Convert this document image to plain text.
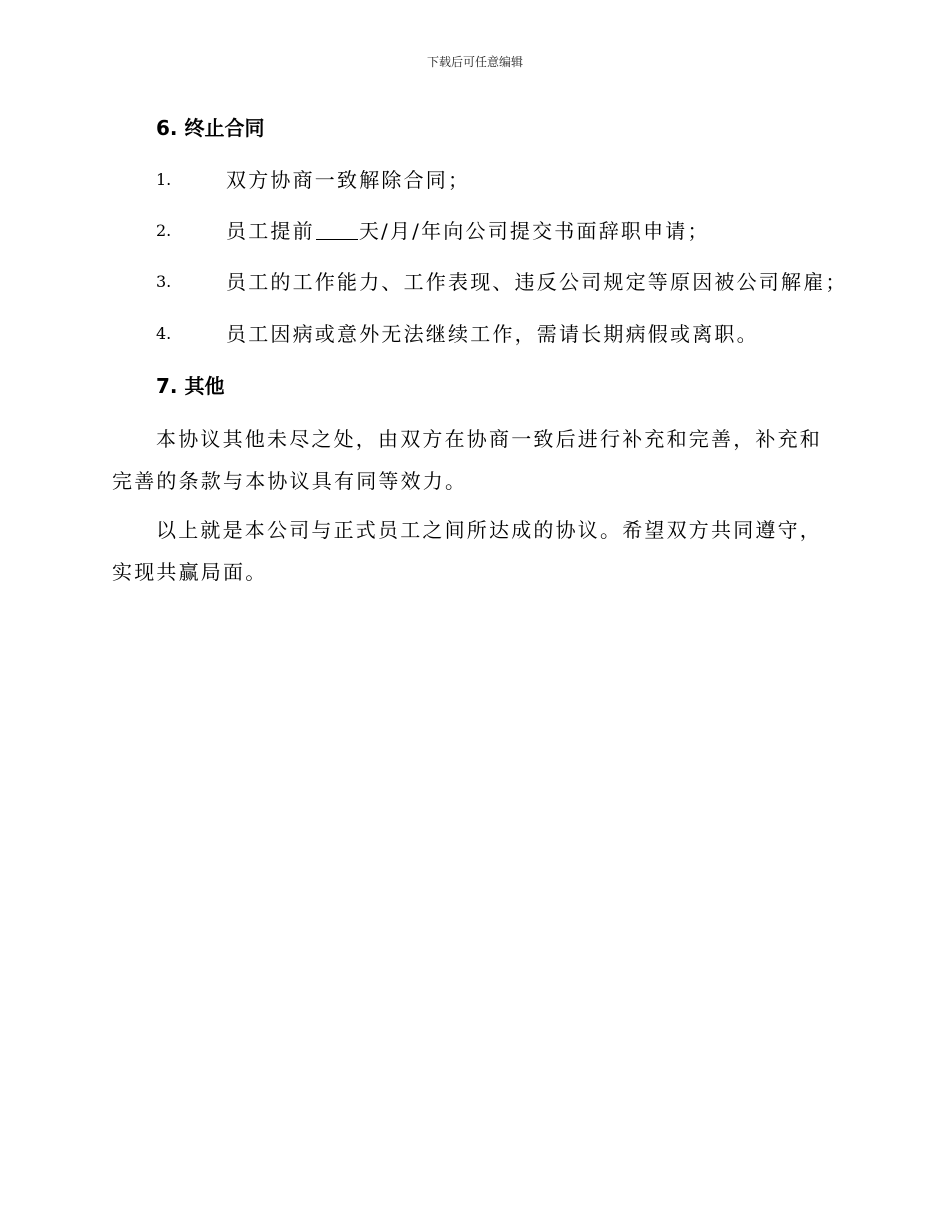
下载后可任意编辑
6. 终止合同
1.	双方协商一致解除合同；
2.	员工提前 天/月/年向公司提交书面辞职申请；
3.	员工的工作能力、工作表现、违反公司规定等原因被公司解雇；
4.	员工因病或意外无法继续工作，需请长期病假或离职。
7. 其他

本协议其他未尽之处，由双方在协商一致后进行补充和完善，补充和完善的条款与本协议具有同等效力。

以上就是本公司与正式员工之间所达成的协议。希望双方共同遵守，实现共赢局面。
